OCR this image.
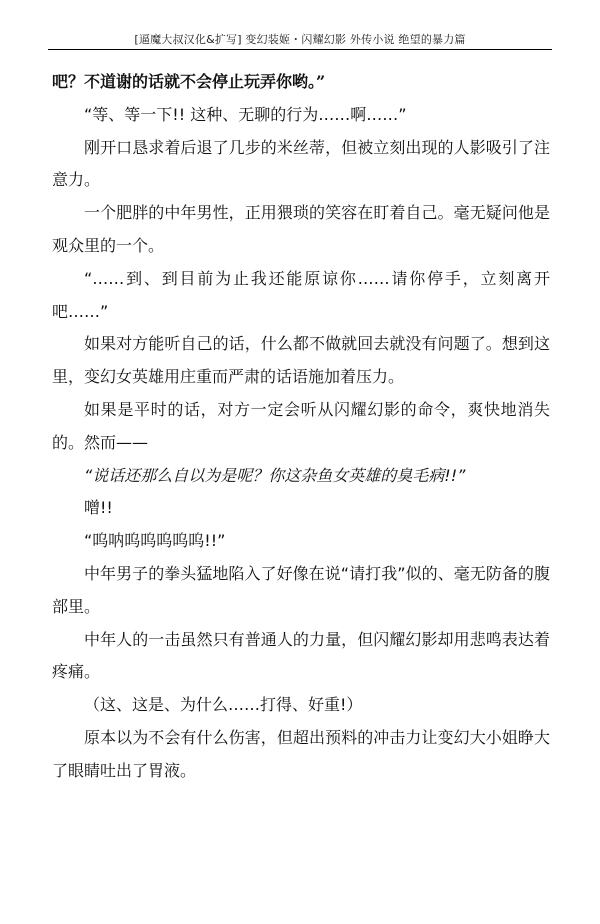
[逼魔大叔汉化&扩写] 变幻装姬・闪耀幻影 外传小说 绝望的暴力篇

吧？不道谢的话就不会停止玩弄你哟。”

“等、等一下!! 这种、无聊的行为……啊……”

刚开口恳求着后退了几步的米丝蒂，但被立刻出现的人影吸引了注意力。

一个肥胖的中年男性，正用猥琐的笑容在盯着自己。毫无疑问他是观众里的一个。

“……到、到目前为止我还能原谅你……请你停手，立刻离开吧……”

如果对方能听自己的话，什么都不做就回去就没有问题了。想到这里，变幻女英雄用庄重而严肃的话语施加着压力。

如果是平时的话，对方一定会听从闪耀幻影的命令，爽快地消失的。然而——

“说话还那么自以为是呢？你这杂鱼女英雄的臭毛病!!”

噌!!

“呜呐呜呜呜呜呜!!”

中年男子的拳头猛地陷入了好像在说“请打我”似的、毫无防备的腹部里。

中年人的一击虽然只有普通人的力量，但闪耀幻影却用悲鸣表达着疼痛。

（这、这是、为什么……打得、好重!）

原本以为不会有什么伤害，但超出预料的冲击力让变幻大小姐睁大了眼睛吐出了胃液。
